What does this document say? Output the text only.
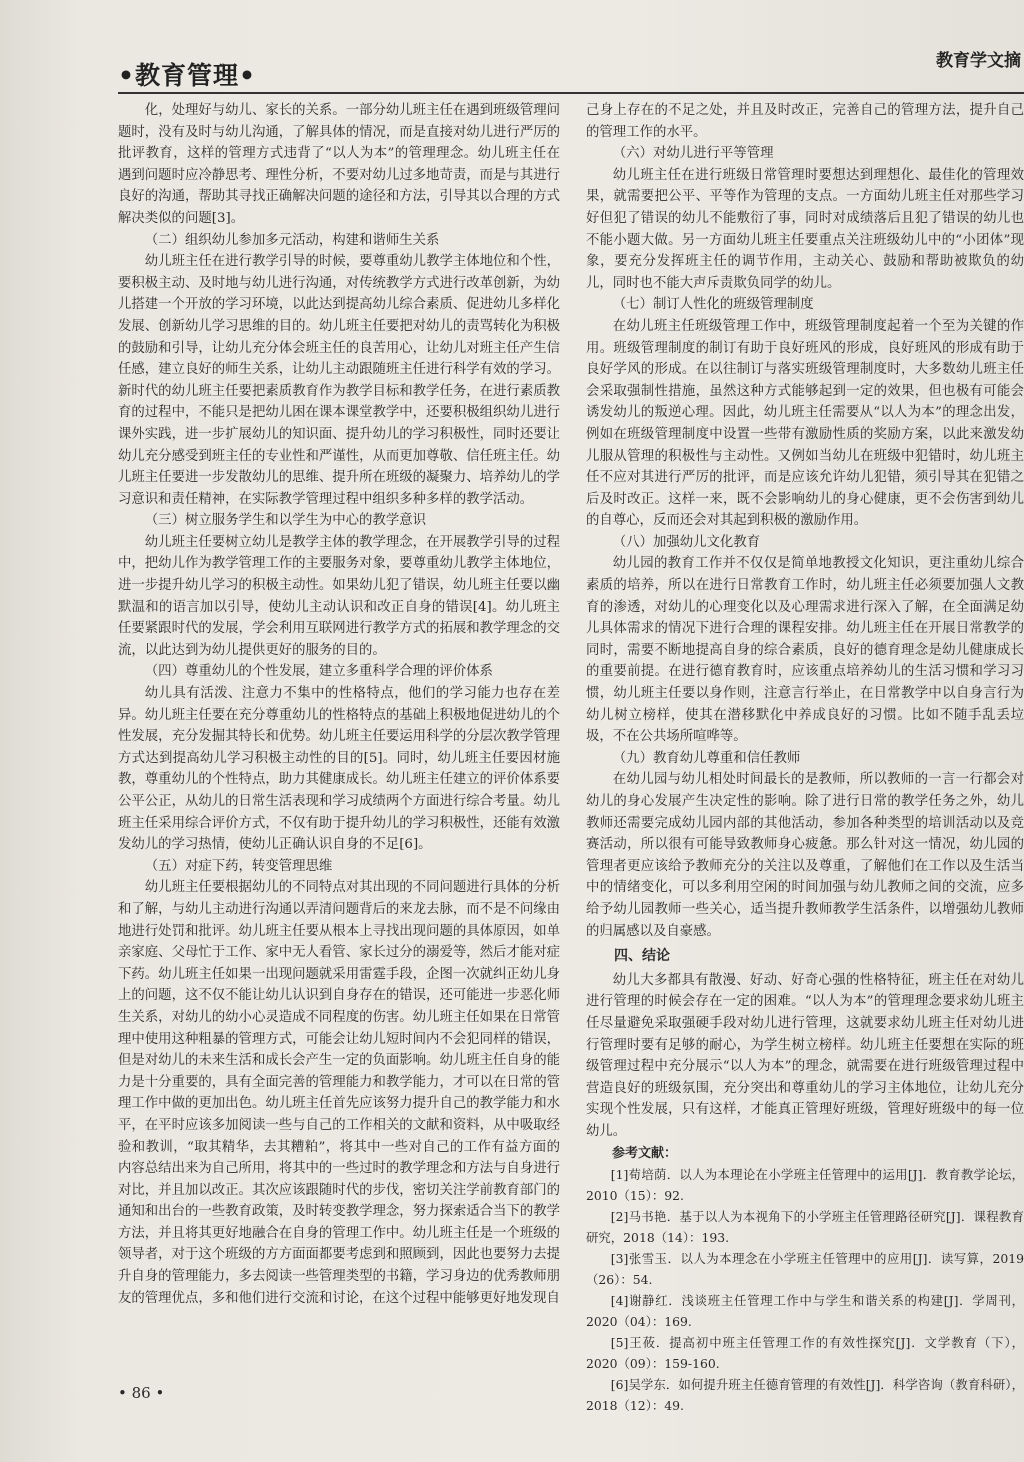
•教育管理•	教育学文摘

化，处理好与幼儿、家长的关系。一部分幼儿班主任在遇到班级管理问题时，没有及时与幼儿沟通，了解具体的情况，而是直接对幼儿进行严厉的批评教育，这样的管理方式违背了“以人为本”的管理理念。幼儿班主任在遇到问题时应冷静思考、理性分析，不要对幼儿过多地苛责，而是与其进行良好的沟通，帮助其寻找正确解决问题的途径和方法，引导其以合理的方式解决类似的问题[3]。

（二）组织幼儿参加多元活动，构建和谐师生关系

幼儿班主任在进行教学引导的时候，要尊重幼儿教学主体地位和个性，要积极主动、及时地与幼儿进行沟通，对传统教学方式进行改革创新，为幼儿搭建一个开放的学习环境，以此达到提高幼儿综合素质、促进幼儿多样化发展、创新幼儿学习思维的目的。幼儿班主任要把对幼儿的责骂转化为积极的鼓励和引导，让幼儿充分体会班主任的良苦用心，让幼儿对班主任产生信任感，建立良好的师生关系，让幼儿主动跟随班主任进行科学有效的学习。新时代的幼儿班主任要把素质教育作为教学目标和教学任务，在进行素质教育的过程中，不能只是把幼儿困在课本课堂教学中，还要积极组织幼儿进行课外实践，进一步扩展幼儿的知识面、提升幼儿的学习积极性，同时还要让幼儿充分感受到班主任的专业性和严谨性，从而更加尊敬、信任班主任。幼儿班主任要进一步发散幼儿的思维、提升所在班级的凝聚力、培养幼儿的学习意识和责任精神，在实际教学管理过程中组织多种多样的教学活动。

（三）树立服务学生和以学生为中心的教学意识

幼儿班主任要树立幼儿是教学主体的教学理念，在开展教学引导的过程中，把幼儿作为教学管理工作的主要服务对象，要尊重幼儿教学主体地位，进一步提升幼儿学习的积极主动性。如果幼儿犯了错误，幼儿班主任要以幽默温和的语言加以引导，使幼儿主动认识和改正自身的错误[4]。幼儿班主任要紧跟时代的发展，学会利用互联网进行教学方式的拓展和教学理念的交流，以此达到为幼儿提供更好的服务的目的。

（四）尊重幼儿的个性发展，建立多重科学合理的评价体系

幼儿具有活泼、注意力不集中的性格特点，他们的学习能力也存在差异。幼儿班主任要在充分尊重幼儿的性格特点的基础上积极地促进幼儿的个性发展，充分发掘其特长和优势。幼儿班主任要运用科学的分层次教学管理方式达到提高幼儿学习积极主动性的目的[5]。同时，幼儿班主任要因材施教，尊重幼儿的个性特点，助力其健康成长。幼儿班主任建立的评价体系要公平公正，从幼儿的日常生活表现和学习成绩两个方面进行综合考量。幼儿班主任采用综合评价方式，不仅有助于提升幼儿的学习积极性，还能有效激发幼儿的学习热情，使幼儿正确认识自身的不足[6]。

（五）对症下药，转变管理思维

幼儿班主任要根据幼儿的不同特点对其出现的不同问题进行具体的分析和了解，与幼儿主动进行沟通以弄清问题背后的来龙去脉，而不是不问缘由地进行处罚和批评。幼儿班主任要从根本上寻找出现问题的具体原因，如单亲家庭、父母忙于工作、家中无人看管、家长过分的溺爱等，然后才能对症下药。幼儿班主任如果一出现问题就采用雷霆手段，企图一次就纠正幼儿身上的问题，这不仅不能让幼儿认识到自身存在的错误，还可能进一步恶化师生关系，对幼儿的幼小心灵造成不同程度的伤害。幼儿班主任如果在日常管理中使用这种粗暴的管理方式，可能会让幼儿短时间内不会犯同样的错误，但是对幼儿的未来生活和成长会产生一定的负面影响。幼儿班主任自身的能力是十分重要的，具有全面完善的管理能力和教学能力，才可以在日常的管理工作中做的更加出色。幼儿班主任首先应该努力提升自己的教学能力和水平，在平时应该多加阅读一些与自己的工作相关的文献和资料，从中吸取经验和教训，“取其精华，去其糟粕”，将其中一些对自己的工作有益方面的内容总结出来为自己所用，将其中的一些过时的教学理念和方法与自身进行对比，并且加以改正。其次应该跟随时代的步伐，密切关注学前教育部门的通知和出台的一些教育政策，及时转变教学理念，努力探索适合当下的教学方法，并且将其更好地融合在自身的管理工作中。幼儿班主任是一个班级的领导者，对于这个班级的方方面面都要考虑到和照顾到，因此也要努力去提升自身的管理能力，多去阅读一些管理类型的书籍，学习身边的优秀教师朋友的管理优点，多和他们进行交流和讨论，在这个过程中能够更好地发现自

己身上存在的不足之处，并且及时改正，完善自己的管理方法，提升自己的管理工作的水平。

（六）对幼儿进行平等管理

幼儿班主任在进行班级日常管理时要想达到理想化、最佳化的管理效果，就需要把公平、平等作为管理的支点。一方面幼儿班主任对那些学习好但犯了错误的幼儿不能敷衍了事，同时对成绩落后且犯了错误的幼儿也不能小题大做。另一方面幼儿班主任要重点关注班级幼儿中的“小团体”现象，要充分发挥班主任的调节作用，主动关心、鼓励和帮助被欺负的幼儿，同时也不能大声斥责欺负同学的幼儿。

（七）制订人性化的班级管理制度

在幼儿班主任班级管理工作中，班级管理制度起着一个至为关键的作用。班级管理制度的制订有助于良好班风的形成，良好班风的形成有助于良好学风的形成。在以往制订与落实班级管理制度时，大多数幼儿班主任会采取强制性措施，虽然这种方式能够起到一定的效果，但也极有可能会诱发幼儿的叛逆心理。因此，幼儿班主任需要从“以人为本”的理念出发，例如在班级管理制度中设置一些带有激励性质的奖励方案，以此来激发幼儿服从管理的积极性与主动性。又例如当幼儿在班级中犯错时，幼儿班主任不应对其进行严厉的批评，而是应该允许幼儿犯错，须引导其在犯错之后及时改正。这样一来，既不会影响幼儿的身心健康，更不会伤害到幼儿的自尊心，反而还会对其起到积极的激励作用。

（八）加强幼儿文化教育

幼儿园的教育工作并不仅仅是简单地教授文化知识，更注重幼儿综合素质的培养，所以在进行日常教育工作时，幼儿班主任必须要加强人文教育的渗透，对幼儿的心理变化以及心理需求进行深入了解，在全面满足幼儿具体需求的情况下进行合理的课程安排。幼儿班主任在开展日常教学的同时，需要不断地提高自身的综合素质，良好的德育理念是幼儿健康成长的重要前提。在进行德育教育时，应该重点培养幼儿的生活习惯和学习习惯，幼儿班主任要以身作则，注意言行举止，在日常教学中以自身言行为幼儿树立榜样，使其在潜移默化中养成良好的习惯。比如不随手乱丢垃圾，不在公共场所喧哗等。

（九）教育幼儿尊重和信任教师

在幼儿园与幼儿相处时间最长的是教师，所以教师的一言一行都会对幼儿的身心发展产生决定性的影响。除了进行日常的教学任务之外，幼儿教师还需要完成幼儿园内部的其他活动，参加各种类型的培训活动以及竞赛活动，所以很有可能导致教师身心疲惫。那么针对这一情况，幼儿园的管理者更应该给予教师充分的关注以及尊重，了解他们在工作以及生活当中的情绪变化，可以多利用空闲的时间加强与幼儿教师之间的交流，应多给予幼儿园教师一些关心，适当提升教师教学生活条件，以增强幼儿教师的归属感以及自豪感。

四、结论

幼儿大多都具有散漫、好动、好奇心强的性格特征，班主任在对幼儿进行管理的时候会存在一定的困难。“以人为本”的管理理念要求幼儿班主任尽量避免采取强硬手段对幼儿进行管理，这就要求幼儿班主任对幼儿进行管理时要有足够的耐心，为学生树立榜样。幼儿班主任要想在实际的班级管理过程中充分展示“以人为本”的理念，就需要在进行班级管理过程中营造良好的班级氛围，充分突出和尊重幼儿的学习主体地位，让幼儿充分实现个性发展，只有这样，才能真正管理好班级，管理好班级中的每一位幼儿。

参考文献：

[1]荀培荫．以人为本理论在小学班主任管理中的运用[J]．教育教学论坛，2010（15）：92.

[2]马书艳．基于以人为本视角下的小学班主任管理路径研究[J]．课程教育研究，2018（14）：193.

[3]张雪玉．以人为本理念在小学班主任管理中的应用[J]．读写算，2019（26）：54.

[4]谢静红．浅谈班主任管理工作中与学生和谐关系的构建[J]．学周刊，2020（04）：169.

[5]王莜．提高初中班主任管理工作的有效性探究[J]．文学教育（下），2020（09）：159-160.

[6]吴学东．如何提升班主任德育管理的有效性[J]．科学咨询（教育科研），2018（12）：49.

• 86 •
